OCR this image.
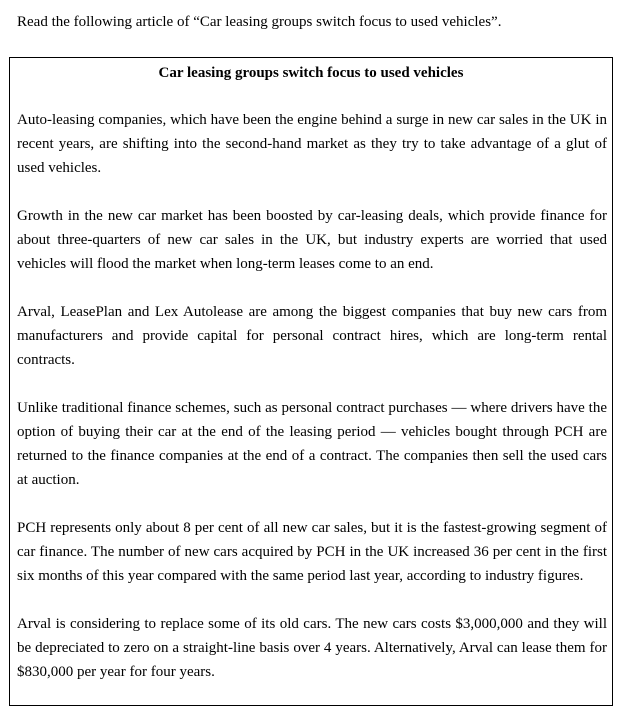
Read the following article of “Car leasing groups switch focus to used vehicles”.
Car leasing groups switch focus to used vehicles

Auto-leasing companies, which have been the engine behind a surge in new car sales in the UK in recent years, are shifting into the second-hand market as they try to take advantage of a glut of used vehicles.

Growth in the new car market has been boosted by car-leasing deals, which provide finance for about three-quarters of new car sales in the UK, but industry experts are worried that used vehicles will flood the market when long-term leases come to an end.

Arval, LeasePlan and Lex Autolease are among the biggest companies that buy new cars from manufacturers and provide capital for personal contract hires, which are long-term rental contracts.

Unlike traditional finance schemes, such as personal contract purchases — where drivers have the option of buying their car at the end of the leasing period — vehicles bought through PCH are returned to the finance companies at the end of a contract. The companies then sell the used cars at auction.

PCH represents only about 8 per cent of all new car sales, but it is the fastest-growing segment of car finance. The number of new cars acquired by PCH in the UK increased 36 per cent in the first six months of this year compared with the same period last year, according to industry figures.

Arval is considering to replace some of its old cars. The new cars costs $3,000,000 and they will be depreciated to zero on a straight-line basis over 4 years. Alternatively, Arval can lease them for $830,000 per year for four years.
